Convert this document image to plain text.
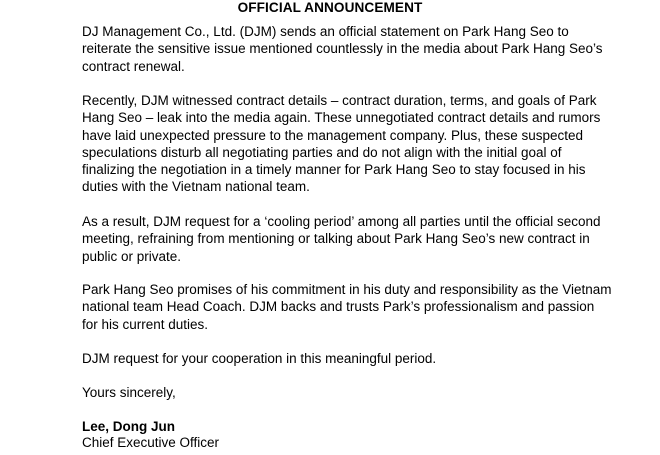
OFFICIAL ANNOUNCEMENT

DJ Management Co., Ltd. (DJM) sends an official statement on Park Hang Seo to
reiterate the sensitive issue mentioned countlessly in the media about Park Hang Seo’s
contract renewal.

Recently, DJM witnessed contract details – contract duration, terms, and goals of Park
Hang Seo – leak into the media again. These unnegotiated contract details and rumors
have laid unexpected pressure to the management company. Plus, these suspected
speculations disturb all negotiating parties and do not align with the initial goal of
finalizing the negotiation in a timely manner for Park Hang Seo to stay focused in his
duties with the Vietnam national team.

As a result, DJM request for a ‘cooling period’ among all parties until the official second
meeting, refraining from mentioning or talking about Park Hang Seo’s new contract in
public or private.

Park Hang Seo promises of his commitment in his duty and responsibility as the Vietnam
national team Head Coach. DJM backs and trusts Park’s professionalism and passion
for his current duties.

DJM request for your cooperation in this meaningful period.

Yours sincerely,

Lee, Dong Jun

Chief Executive Officer
